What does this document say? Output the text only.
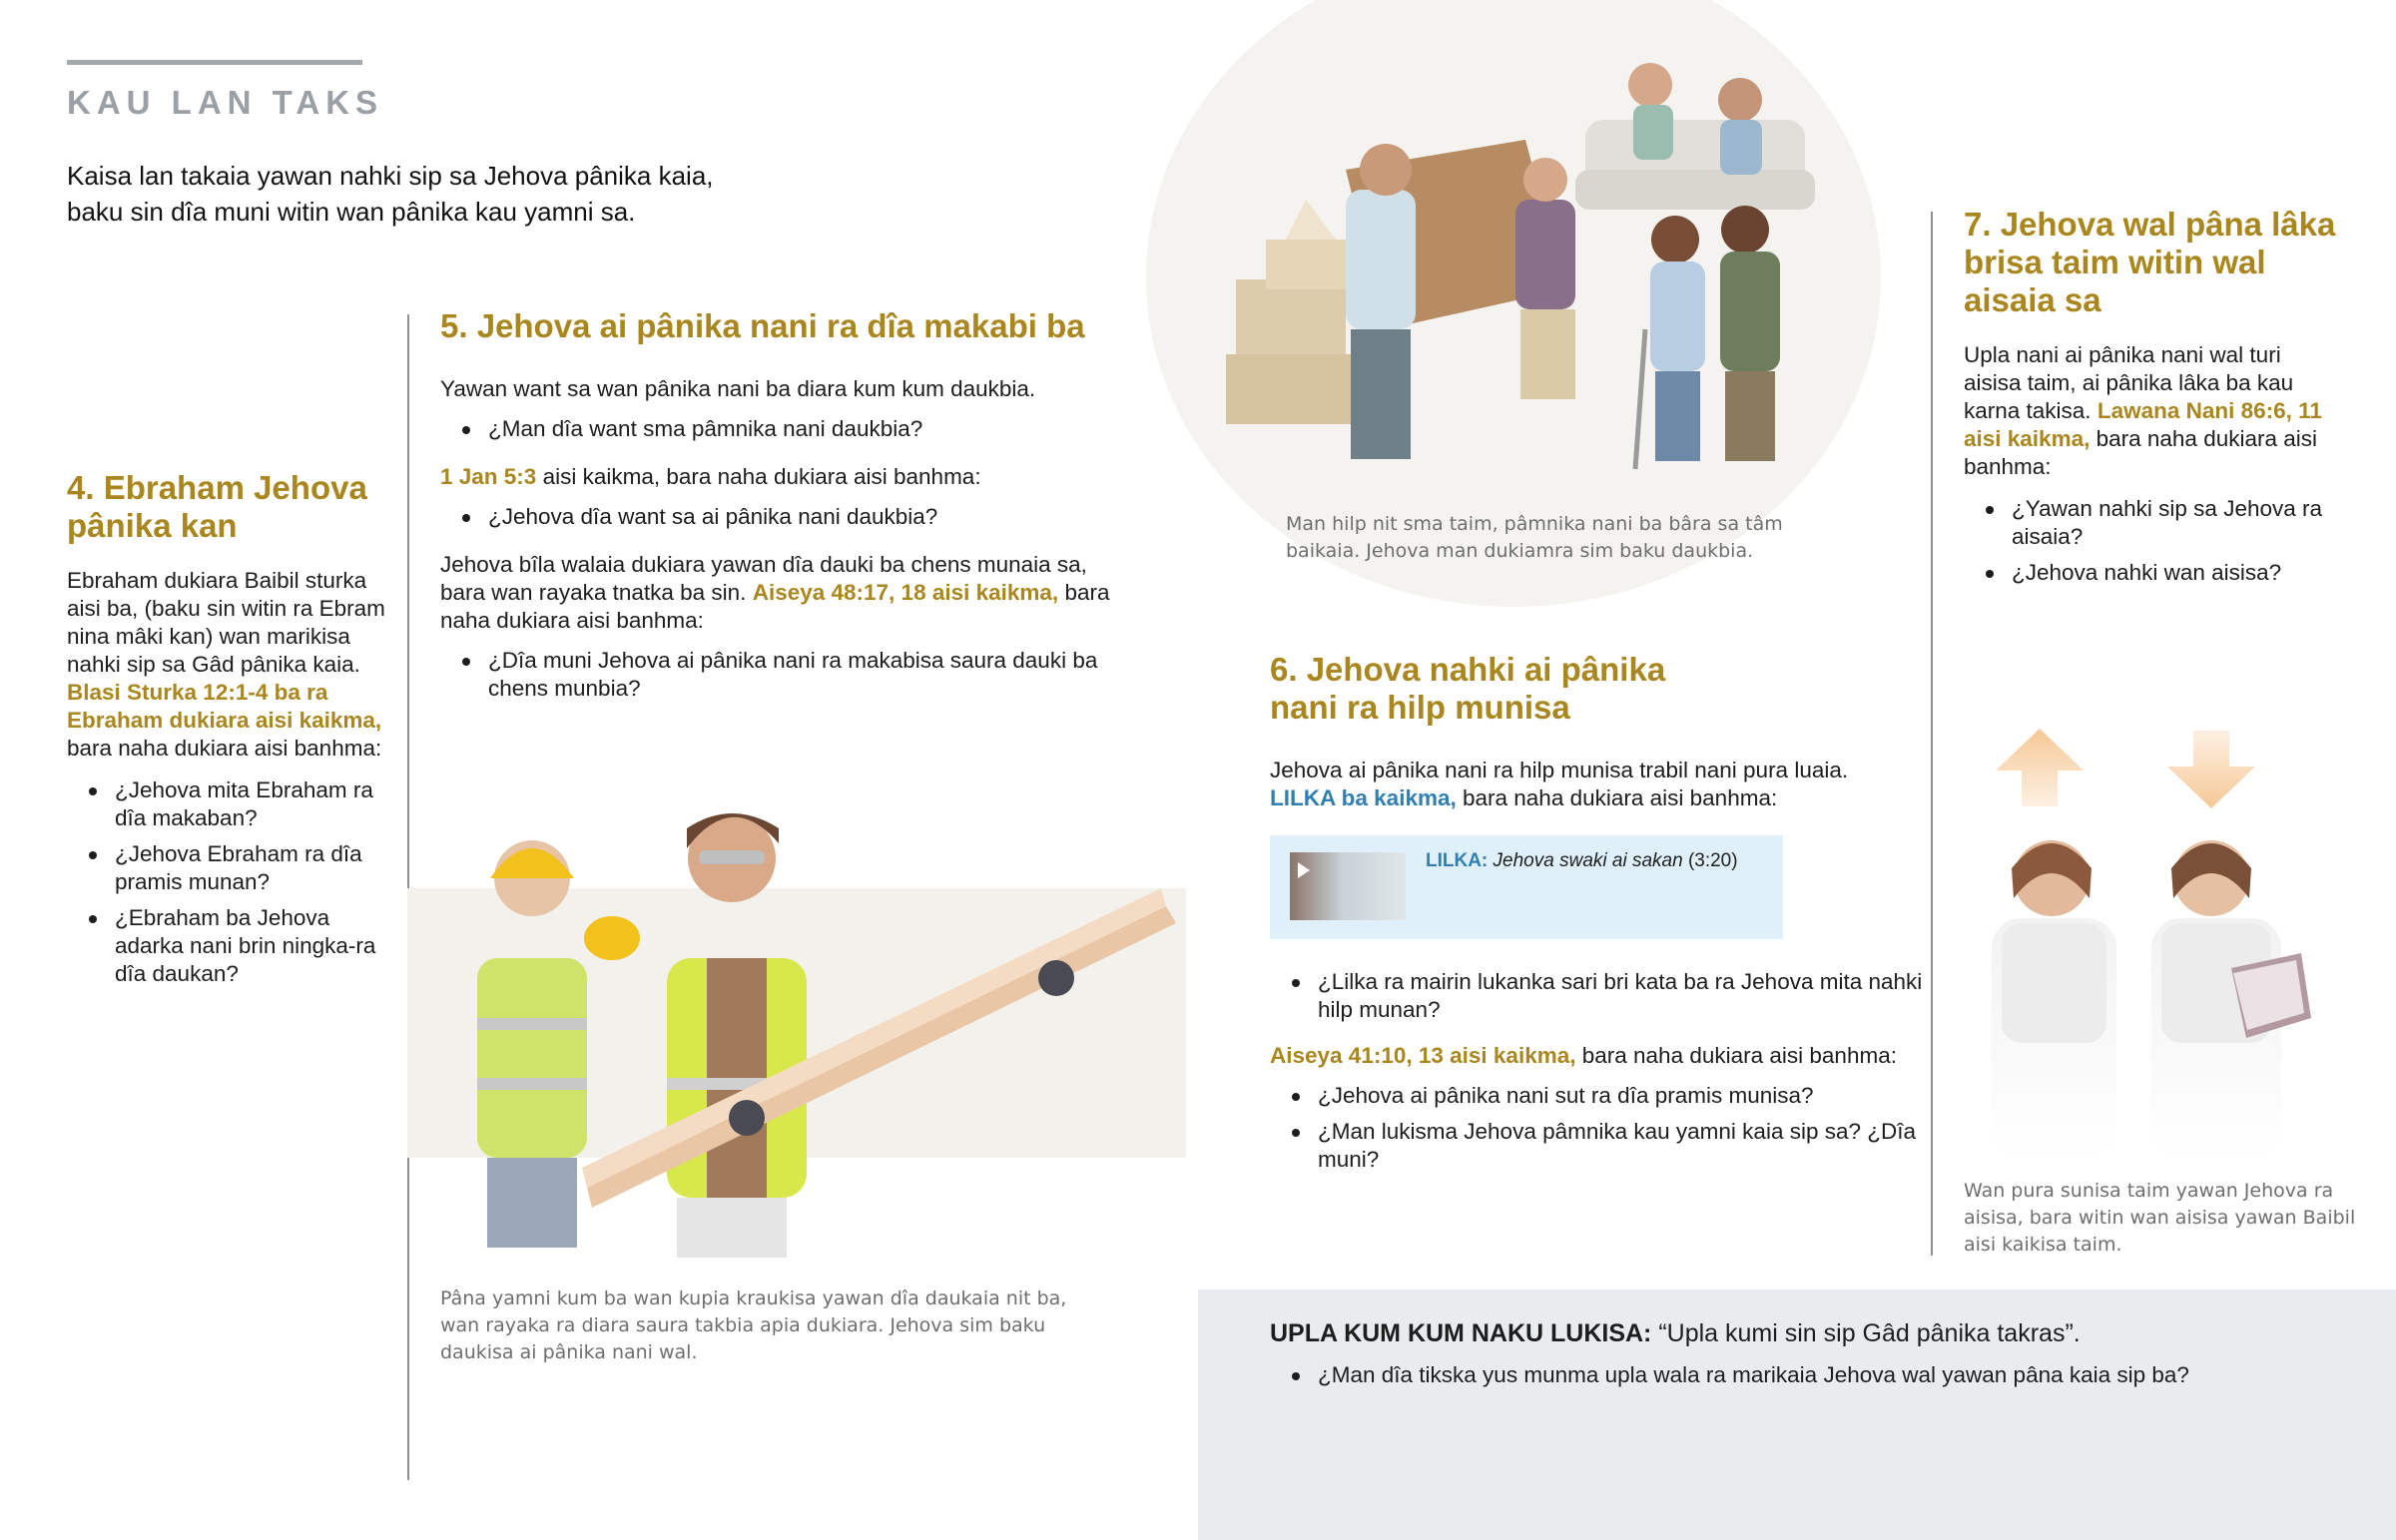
KAU LAN TAKS
Kaisa lan takaia yawan nahki sip sa Jehova pânika kaia,
baku sin dîa muni witin wan pânika kau yamni sa.
4. Ebraham Jehova pânika kan

Ebraham dukiara Baibil sturka aisi ba, (baku sin witin ra Ebram nina mâki kan) wan marikisa nahki sip sa Gâd pânika kaia. Blasi Sturka 12:1-4 ba ra Ebraham dukiara aisi kaikma, bara naha dukiara aisi banhma:

¿Jehova mita Ebraham ra dîa makaban?
¿Jehova Ebraham ra dîa pramis munan?
¿Ebraham ba Jehova adarka nani brin ningka-ra dîa daukan?
5. Jehova ai pânika nani ra dîa makabi ba

Yawan want sa wan pânika nani ba diara kum kum daukbia.

¿Man dîa want sma pâmnika nani daukbia?

1 Jan 5:3 aisi kaikma, bara naha dukiara aisi banhma:

¿Jehova dîa want sa ai pânika nani daukbia?

Jehova bîla walaia dukiara yawan dîa dauki ba chens munaia sa, bara wan rayaka tnatka ba sin. Aiseya 48:17, 18 aisi kaikma, bara naha dukiara aisi banhma:

¿Dîa muni Jehova ai pânika nani ra makabisa saura dauki ba chens munbia?

Pâna yamni kum ba wan kupia kraukisa yawan dîa daukaia nit ba, wan rayaka ra diara saura takbia apia dukiara. Jehova sim baku daukisa ai pânika nani wal.

Man hilp nit sma taim, pâmnika nani ba bâra sa tâm baikaia. Jehova man dukiamra sim baku daukbia.

6. Jehova nahki ai pânika
nani ra hilp munisa

Jehova ai pânika nani ra hilp munisa trabil nani pura luaia.
LILKA ba kaikma, bara naha dukiara aisi banhma:

LILKA: Jehova swaki ai sakan (3:20)
¿Lilka ra mairin lukanka sari bri kata ba ra Jehova mita nahki hilp munan?

Aiseya 41:10, 13 aisi kaikma, bara naha dukiara aisi banhma:

¿Jehova ai pânika nani sut ra dîa pramis munisa?
¿Man lukisma Jehova pâmnika kau yamni kaia sip sa? ¿Dîa muni?
7. Jehova wal pâna lâka brisa taim witin wal aisaia sa

Upla nani ai pânika nani wal turi aisisa taim, ai pânika lâka ba kau karna takisa. Lawana Nani 86:6, 11 aisi kaikma, bara naha dukiara aisi banhma:

¿Yawan nahki sip sa Jehova ra aisaia?
¿Jehova nahki wan aisisa?

Wan pura sunisa taim yawan Jehova ra aisisa, bara witin wan aisisa yawan Baibil aisi kaikisa taim.

UPLA KUM KUM NAKU LUKISA: “Upla kumi sin sip Gâd pânika takras”.
¿Man dîa tikska yus munma upla wala ra marikaia Jehova wal yawan pâna kaia sip ba?
